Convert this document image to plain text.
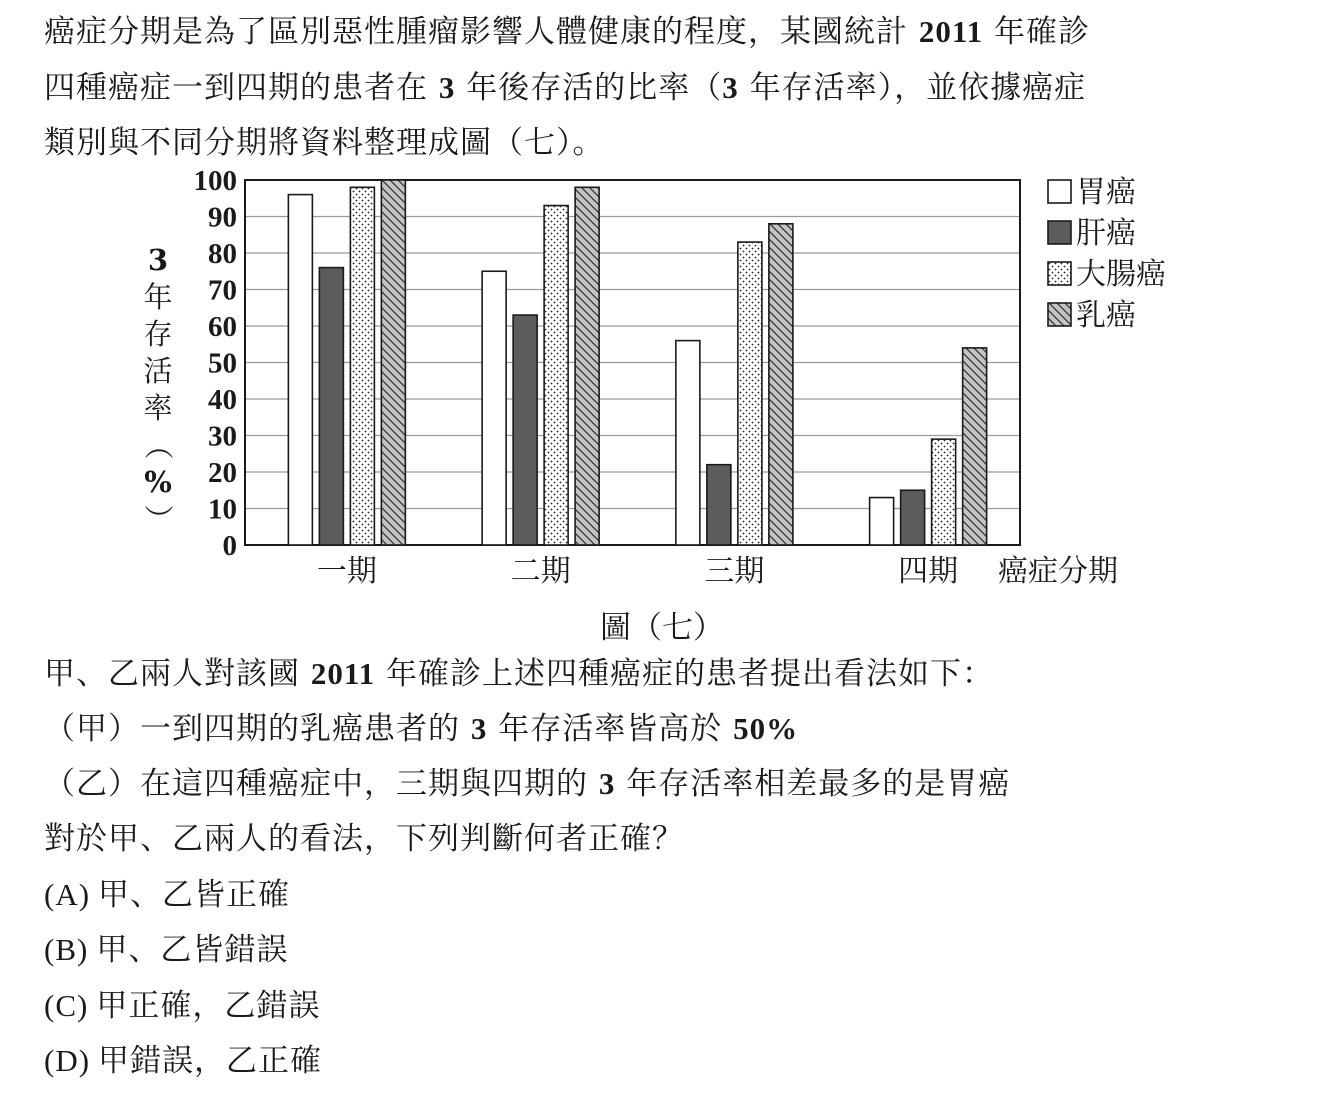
癌症分期是為了區別惡性腫瘤影響人體健康的程度，某國統計 2011 年確診

四種癌症一到四期的患者在 3 年後存活的比率（3 年存活率），並依據癌症

類別與不同分期將資料整理成圖（七）。

0
10
20
30
40
50
60
70
80
90
100
一期	二期	三期	四期 癌症分期
3
年
存
活
率
（
%
）
胃癌
肝癌
大腸癌
乳癌
圖（七）
甲、乙兩人對該國 2011 年確診上述四種癌症的患者提出看法如下：
（甲）一到四期的乳癌患者的 3 年存活率皆高於 50%
（乙）在這四種癌症中，三期與四期的 3 年存活率相差最多的是胃癌
對於甲、乙兩人的看法，下列判斷何者正確？
(A) 甲、乙皆正確
(B) 甲、乙皆錯誤
(C) 甲正確，乙錯誤
(D) 甲錯誤，乙正確
